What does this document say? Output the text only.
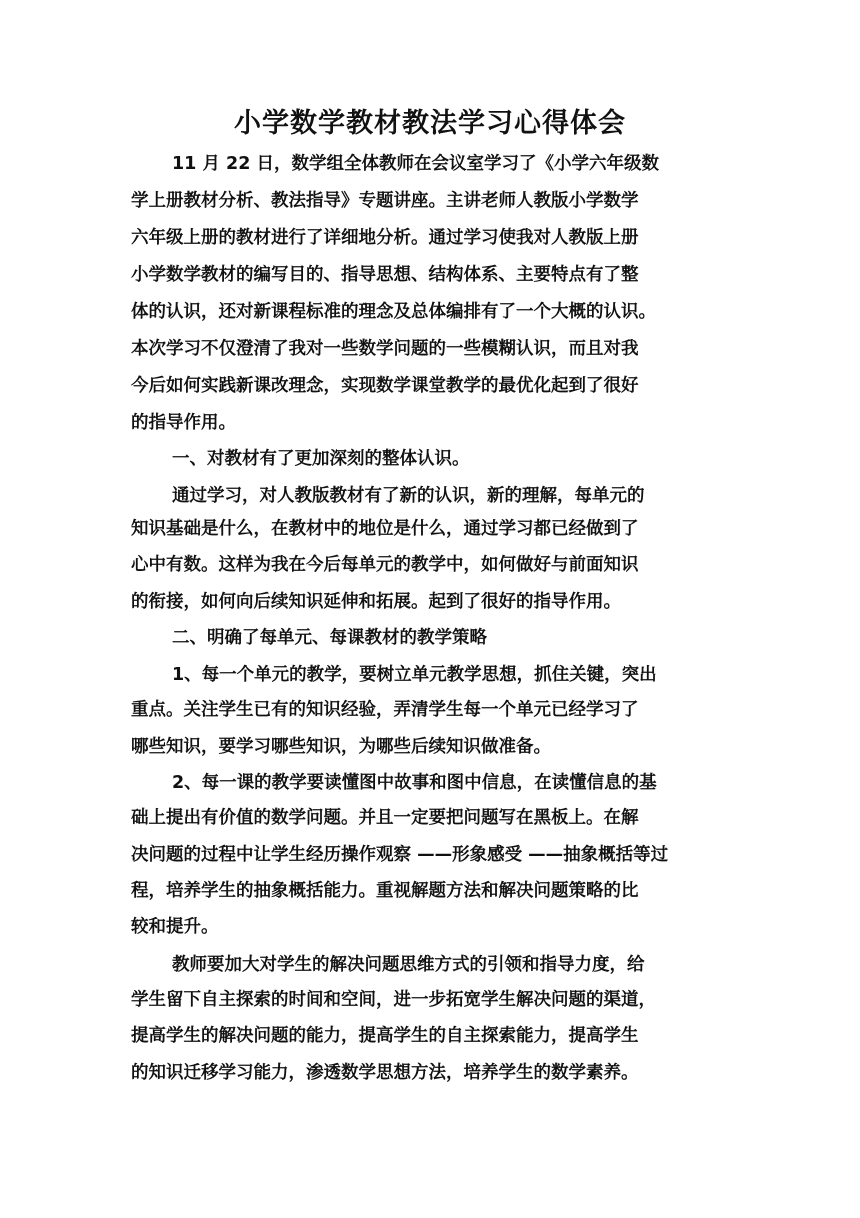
小学数学教材教法学习心得体会
11 月 22 日，数学组全体教师在会议室学习了《小学六年级数
学上册教材分析、教法指导》专题讲座。主讲老师人教版小学数学
六年级上册的教材进行了详细地分析。通过学习使我对人教版上册
小学数学教材的编写目的、指导思想、结构体系、主要特点有了整
体的认识，还对新课程标准的理念及总体编排有了一个大概的认识。
本次学习不仅澄清了我对一些数学问题的一些模糊认识，而且对我
今后如何实践新课改理念，实现数学课堂教学的最优化起到了很好
的指导作用。
一、对教材有了更加深刻的整体认识。
通过学习，对人教版教材有了新的认识，新的理解，每单元的
知识基础是什么，在教材中的地位是什么，通过学习都已经做到了
心中有数。这样为我在今后每单元的教学中，如何做好与前面知识
的衔接，如何向后续知识延伸和拓展。起到了很好的指导作用。
二、明确了每单元、每课教材的教学策略
1、每一个单元的教学，要树立单元教学思想，抓住关键，突出
重点。关注学生已有的知识经验，弄清学生每一个单元已经学习了
哪些知识，要学习哪些知识，为哪些后续知识做准备。
2、每一课的教学要读懂图中故事和图中信息，在读懂信息的基
础上提出有价值的数学问题。并且一定要把问题写在黑板上。在解
决问题的过程中让学生经历操作观察 ——形象感受 ——抽象概括等过
程，培养学生的抽象概括能力。重视解题方法和解决问题策略的比
较和提升。
教师要加大对学生的解决问题思维方式的引领和指导力度，给
学生留下自主探索的时间和空间，进一步拓宽学生解决问题的渠道，
提高学生的解决问题的能力，提高学生的自主探索能力，提高学生
的知识迁移学习能力，渗透数学思想方法，培养学生的数学素养。
